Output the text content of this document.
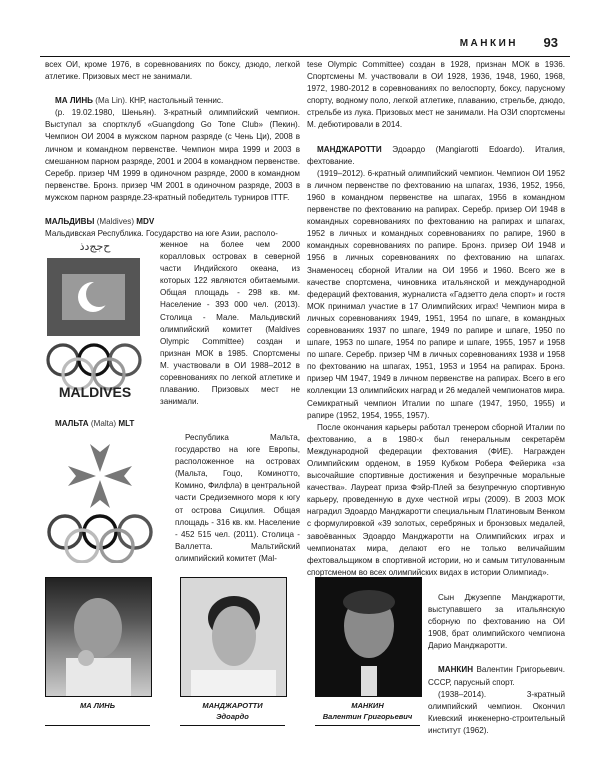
МАНКИН 93

всех ОИ, кроме 1976, в соревнованиях по боксу, дзюдо, легкой атлетике. Призовых мест не занимали.

МА ЛИНЬ (Ma Lin). КНР, настольный теннис.

(р. 19.02.1980, Шеньян). 3-кратный олимпийский чемпион. Выступал за спортклуб «Guangdong Go Tone Club» (Пекин). Чемпион ОИ 2004 в мужском парном разряде (с Чень Ци), 2008 в личном и командном первенстве. Чемпион мира 1999 и 2003 в смешанном парном разряде, 2001 и 2004 в командном первенстве. Серебр. призер ЧМ 1999 в одиночном разряде, 2000 в командном первенстве. Бронз. призер ЧМ 2001 в одиночном разряде, 2003 в мужском парном разряде.23-кратный победитель турниров ITTF.

МАЛЬДИВЫ (Maldives) MDV

Мальдивская Республика. Государство на юге Азии, располо-

женное на более чем 2000 коралловых островах в северной части Индийского океана, из которых 122 являются обитаемыми. Общая площадь - 298 кв. км. Население - 393 000 чел. (2013). Столица - Мале. Мальдивский олимпийский комитет (Maldives Olympic Committee) создан и признан МОК в 1985. Спортсмены М. участвовали в ОИ 1988–2012 в соревнованиях по легкой атлетике и плаванию. Призовых мест не занимали.

ﺡﺟﺞﺩﺫ
MALDIVES
МАЛЬТА (Malta) MLT

Республика Мальта, государство на юге Европы, расположенное на островах (Мальта, Гоцо, Коминотто, Комино, Филфла) в центральной части Средиземного моря к югу от острова Сицилия. Общая площадь - 316 кв. км. Население - 452 515 чел. (2011). Столица - Валлетта. Мальтийский олимпийский комитет (Mal-

tese Olympic Committee) создан в 1928, признан МОК в 1936. Спортсмены М. участвовали в ОИ 1928, 1936, 1948, 1960, 1968, 1972, 1980-2012 в соревнованиях по велоспорту, боксу, парусному спорту, водному поло, легкой атлетике, плаванию, стрельбе, дзюдо, стрельбе из лука. Призовых мест не занимали. На ОЗИ спортсмены М. дебютировали в 2014.

МАНДЖАРОТТИ Эдоардо (Mangiarotti Edoardo). Италия, фехтование.

(1919–2012). 6-кратный олимпийский чемпион. Чемпион ОИ 1952 в личном первенстве по фехтованию на шпагах, 1936, 1952, 1956, 1960 в командном первенстве на шпагах, 1956 в командном первенстве по фехтованию на рапирах. Серебр. призер ОИ 1948 в командных соревнованиях по фехтованию на рапирах и шпагах, 1952 в личных и командных соревнованиях по рапире, 1960 в командных соревнованиях по рапире. Бронз. призер ОИ 1948 и 1956 в личных соревнованиях по фехтованию на шпагах. Знаменосец сборной Италии на ОИ 1956 и 1960. Всего же в качестве спортсмена, чиновника итальянской и международной федераций фехтования, журналиста «Гадзетто дела спорт» и гостя МОК принимал участие в 17 Олимпийских играх! Чемпион мира в личных соревнованиях 1949, 1951, 1954 по шпаге, в командных соревнованиях 1937 по шпаге, 1949 по рапире и шпаге, 1950 по шпаге, 1953 по шпаге, 1954 по рапире и шпаге, 1955, 1957 и 1958 по шпаге. Серебр. призер ЧМ в личных соревнованиях 1938 и 1958 по фехтованию на шпагах, 1951, 1953 и 1954 на рапирах. Бронз. призер ЧМ 1947, 1949 в личном первенстве на рапирах. Всего в его коллекции 13 олимпийских наград и 26 медалей чемпионатов мира. Семикратный чемпион Италии по шпаге (1947, 1950, 1955) и рапире (1952, 1954, 1955, 1957).

После окончания карьеры работал тренером сборной Италии по фехтованию, а в 1980-х был генеральным секретарём Международной федерации фехтования (ФИЕ). Награжден Олимпийским орденом, в 1959 Кубком Робера Фейерика «за высочайшие спортивные достижения и безупречные моральные качества». Лауреат приза Фэйр-Плей за безупречную спортивную карьеру, проведенную в духе честной игры (2009). В 2003 МОК наградил Эдоардо Манджаротти специальным Платиновым Венком с формулировкой «39 золотых, серебряных и бронзовых медалей, завоёванных Эдоардо Манджаротти на Олимпийских играх и чемпионатах мира, делают его не только величайшим фехтовальщиком в спортивной истории, но и самым титулованным спортсменом во всех олимпийских видах в истории Олимпиад».

Сын Джузеппе Манджаротти, выступавшего за итальянскую сборную по фехтованию на ОИ 1908, брат олимпийского чемпиона Дарио Манджаротти.

МАНКИН Валентин Григорьевич. СССР, парусный спорт.

(1938–2014). 3-кратный олимпийский чемпион. Окончил Киевский инженерно-строительный институт (1962).

МА ЛИНЬ	МАНДЖАРОТТИ
Эдоардо
МАНКИН
Валентин Григорьевич
